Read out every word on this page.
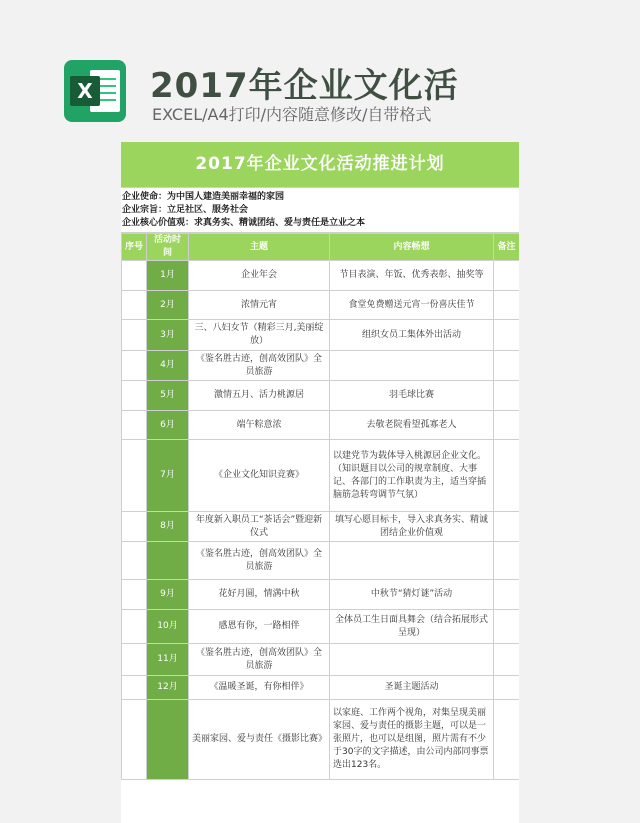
X 2017年企业文化活
EXCEL/A4打印/内容随意修改/自带格式
2017年企业文化活动推进计划
企业使命：为中国人建造美丽幸福的家园
企业宗旨：立足社区、服务社会
企业核心价值观：求真务实、精诚团结、爱与责任是立业之本
序号	活动时间	主题	内容畅想	备注
	1月	企业年会	节目表演、年饭、优秀表彰、抽奖等	
	2月	浓情元宵	食堂免费赠送元宵一份喜庆佳节	
	3月	三、八妇女节（精彩三月,美丽绽放）	组织女员工集体外出活动	
	4月	《鉴名胜古迹，创高效团队》全员旅游		
	5月	激情五月、活力桃源居	羽毛球比赛	
	6月	端午粽意浓	去敬老院看望孤寡老人	
	7月	《企业文化知识竞赛》	以建党节为载体导入桃源居企业文化。（知识题目以公司的规章制度、大事记、各部门的工作职责为主，适当穿插脑筋急转弯调节气氛）	
	8月	年度新入职员工“茶话会”暨迎新仪式	填写心愿目标卡，导入求真务实、精诚团结企业价值观	
		《鉴名胜古迹，创高效团队》全员旅游		
	9月	花好月圆，情满中秋	中秋节“猜灯谜”活动	
	10月	感恩有你，一路相伴	全体员工生日面具舞会（结合拓展形式呈现）	
	11月	《鉴名胜古迹，创高效团队》全员旅游		
	12月	《温暖圣诞，有你相伴》	圣诞主题活动	
		美丽家园、爱与责任《摄影比赛》	以家庭、工作两个视角，对集呈现美丽家园、爱与责任的摄影主题，可以是一张照片，也可以是组图，照片需有不少于30字的文字描述，由公司内部同事票选出123名。	
